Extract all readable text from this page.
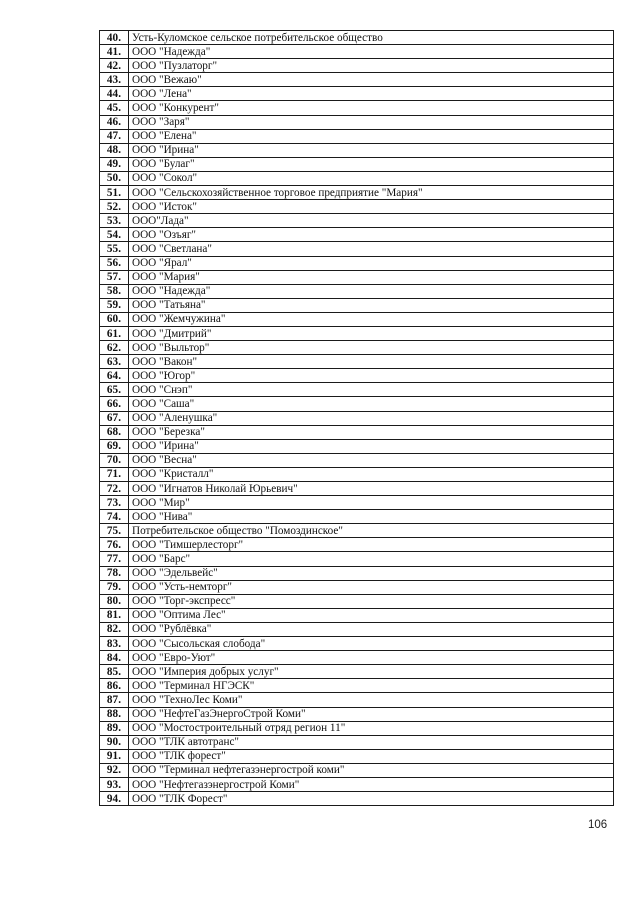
40.	Усть-Куломское сельское потребительское общество
41.	ООО "Надежда"
42.	ООО "Пузлаторг"
43.	ООО "Вежаю"
44.	ООО "Лена"
45.	ООО "Конкурент"
46.	ООО "Заря"
47.	ООО "Елена"
48.	ООО "Ирина"
49.	ООО "Булаг"
50.	ООО "Сокол"
51.	ООО "Сельскохозяйственное торговое предприятие "Мария"
52.	ООО "Исток"
53.	ООО"Лада"
54.	ООО "Озъяг"
55.	ООО "Светлана"
56.	ООО "Ярал"
57.	ООО "Мария"
58.	ООО "Надежда"
59.	ООО "Татьяна"
60.	ООО "Жемчужина"
61.	ООО "Дмитрий"
62.	ООО "Выльтор"
63.	ООО "Вакон"
64.	ООО "Югор"
65.	ООО "Снэп"
66.	ООО "Саша"
67.	ООО "Аленушка"
68.	ООО "Березка"
69.	ООО "Ирина"
70.	ООО "Весна"
71.	ООО "Кристалл"
72.	ООО "Игнатов Николай Юрьевич"
73.	ООО "Мир"
74.	ООО "Нива"
75.	Потребительское общество "Помоздинское"
76.	ООО "Тимшерлесторг"
77.	ООО "Барс"
78.	ООО "Эдельвейс"
79.	ООО "Усть-немторг"
80.	ООО "Торг-экспресс"
81.	ООО "Оптима Лес"
82.	ООО "Рублёвка"
83.	ООО "Сысольская слобода"
84.	ООО "Евро-Уют"
85.	ООО "Империя добрых услуг"
86.	ООО "Терминал НГЭСК"
87.	ООО "ТехноЛес Коми"
88.	ООО "НефтеГазЭнергоСтрой Коми"
89.	ООО "Мостостроительный отряд регион 11"
90.	ООО "ТЛК автотранс"
91.	ООО "ТЛК форест"
92.	ООО "Терминал нефтегазэнергострой коми"
93.	ООО "Нефтегазэнергострой Коми"
94.	ООО "ТЛК Форест"
106
